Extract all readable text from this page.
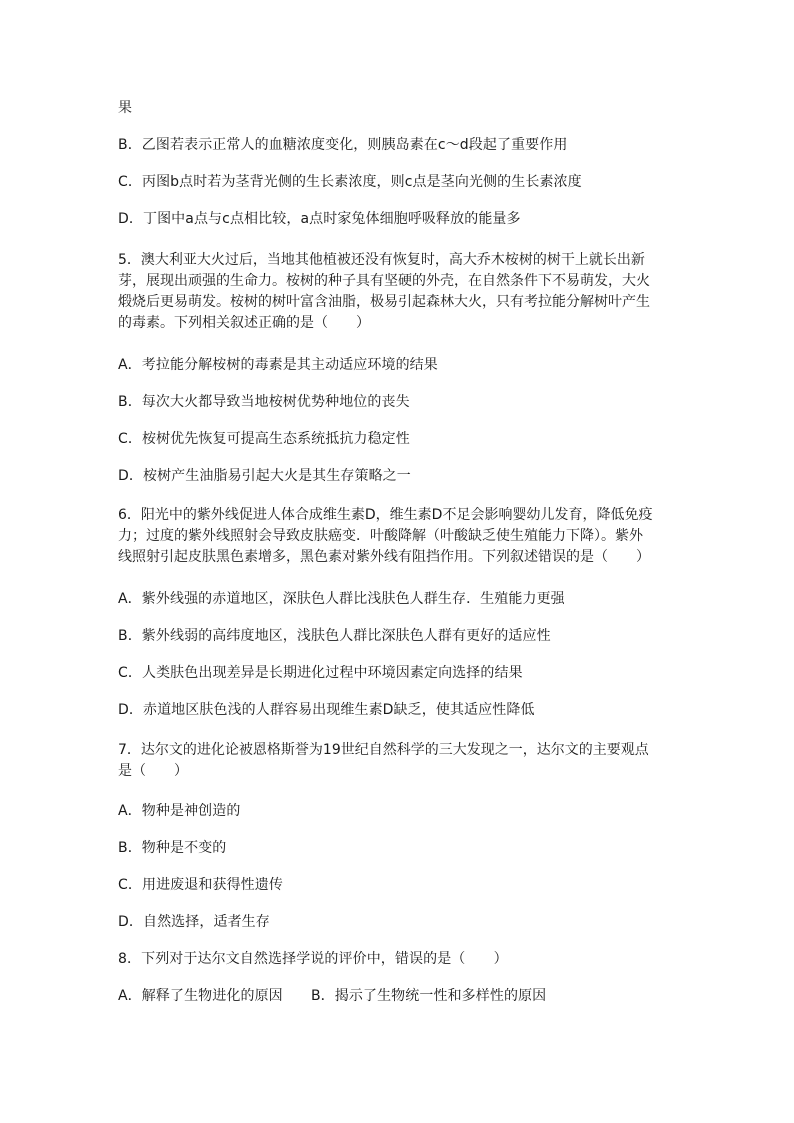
果
B．乙图若表示正常人的血糖浓度变化，则胰岛素在c～d段起了重要作用
C．丙图b点时若为茎背光侧的生长素浓度，则c点是茎向光侧的生长素浓度
D．丁图中a点与c点相比较，a点时家兔体细胞呼吸释放的能量多
5．澳大利亚大火过后，当地其他植被还没有恢复时，高大乔木桉树的树干上就长出新
芽，展现出顽强的生命力。桉树的种子具有坚硬的外壳，在自然条件下不易萌发，大火
煅烧后更易萌发。桉树的树叶富含油脂，极易引起森林大火，只有考拉能分解树叶产生
的毒素。下列相关叙述正确的是（　　）
A．考拉能分解桉树的毒素是其主动适应环境的结果
B．每次大火都导致当地桉树优势种地位的丧失
C．桉树优先恢复可提高生态系统抵抗力稳定性
D．桉树产生油脂易引起大火是其生存策略之一
6．阳光中的紫外线促进人体合成维生素D，维生素D不足会影响婴幼儿发育，降低免疫
力；过度的紫外线照射会导致皮肤癌变．叶酸降解（叶酸缺乏使生殖能力下降）。紫外
线照射引起皮肤黑色素增多，黑色素对紫外线有阻挡作用。下列叙述错误的是（　　）
A．紫外线强的赤道地区，深肤色人群比浅肤色人群生存．生殖能力更强
B．紫外线弱的高纬度地区，浅肤色人群比深肤色人群有更好的适应性
C．人类肤色出现差异是长期进化过程中环境因素定向选择的结果
D．赤道地区肤色浅的人群容易出现维生素D缺乏，使其适应性降低
7．达尔文的进化论被恩格斯誉为19世纪自然科学的三大发现之一，达尔文的主要观点
是（　　）
A．物种是神创造的
B．物种是不变的
C．用进废退和获得性遗传
D．自然选择，适者生存
8．下列对于达尔文自然选择学说的评价中，错误的是（　　）
A．解释了生物进化的原因　　B．揭示了生物统一性和多样性的原因
